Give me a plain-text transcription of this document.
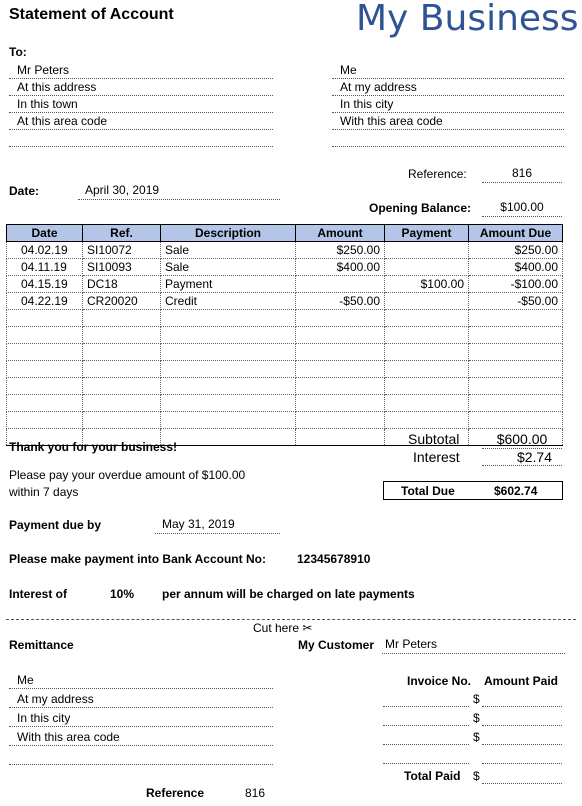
Statement of Account	My Business
To:
Mr Peters
At this address
In this town
At this area code
Me
At my address
In this city
With this area code
Reference:	816
Date:	April 30, 2019
Opening Balance:	$100.00
Date	Ref.	Description	Amount	Payment	Amount Due
04.02.19	SI10072	Sale	$250.00		$250.00
04.11.19	SI10093	Sale	$400.00		$400.00
04.15.19	DC18	Payment		$100.00	-$100.00
04.22.19	CR20020	Credit	-$50.00		-$50.00

Thank you for your business!
Please pay your overdue amount of $100.00
within 7 days
Subtotal	$600.00
Interest	$2.74
Total Due	$602.74
Payment due by	May 31, 2019
Please make payment into Bank Account No:	12345678910
Interest of	10% per annum will be charged on late payments
Cut here ✂
Remittance	My Customer Mr Peters
Me
At my address
In this city
With this area code
Invoice No. Amount Paid
$
$
$
Total Paid $
Reference	816
